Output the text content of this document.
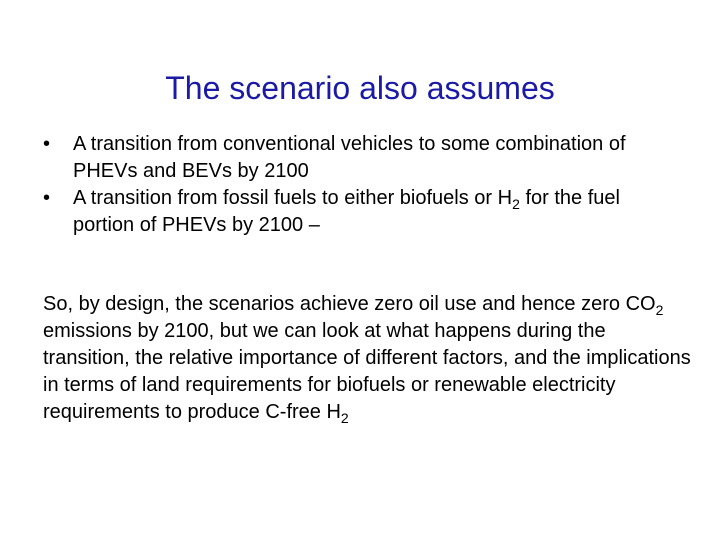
The scenario also assumes
• A transition from conventional vehicles to some combination of PHEVs and BEVs by 2100
• A transition from fossil fuels to either biofuels or $H_2$ for the fuel portion of PHEVs by 2100 –

So, by design, the scenarios achieve zero oil use and hence zero $CO_2$ emissions by 2100, but we can look at what happens during the transition, the relative importance of different factors, and the implications in terms of land requirements for biofuels or renewable electricity requirements to produce C-free $H_2$
